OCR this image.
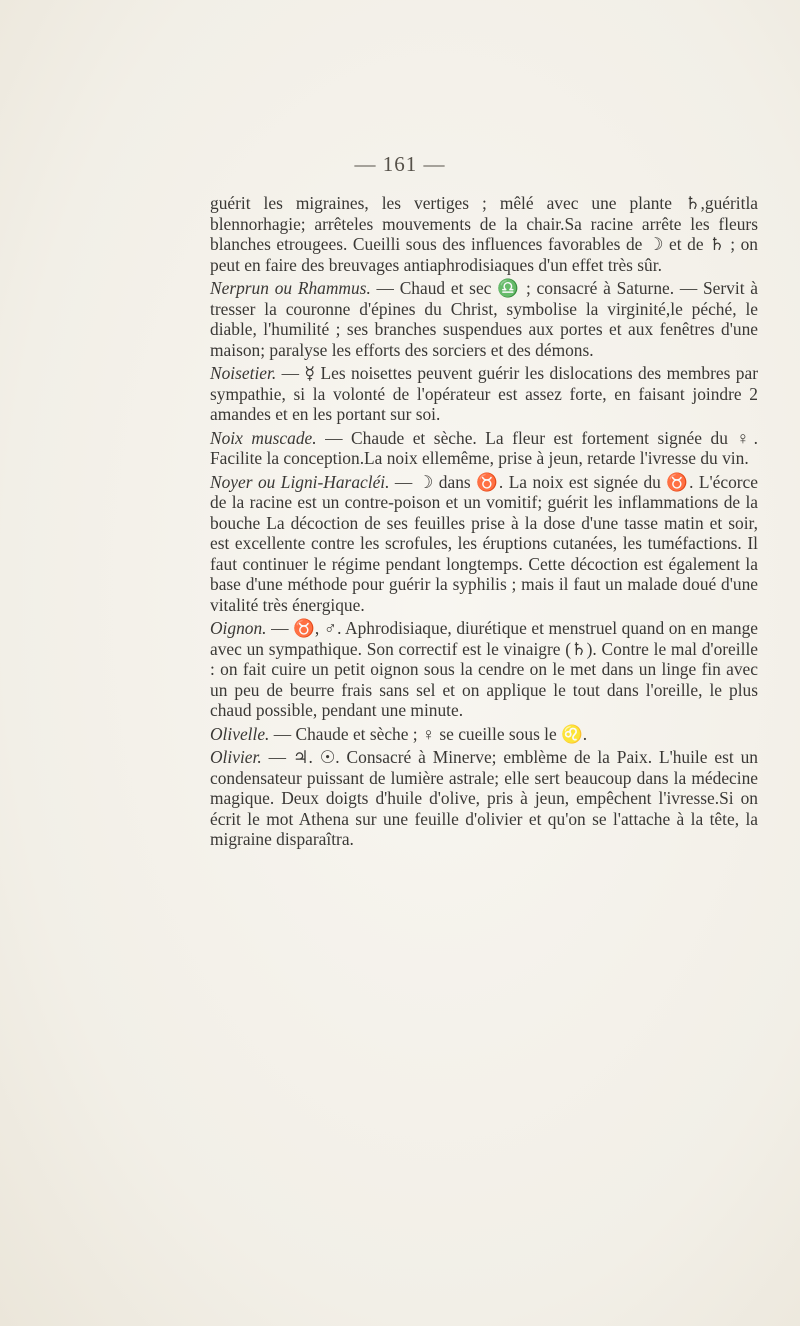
— 161 —

guérit les migraines, les vertiges ; mêlé avec une plante ♄,guéritla blennorhagie; arrêteles mouvements de la chair.Sa racine arrête les fleurs blanches etrougees. Cueilli sous des influences favorables de ☽ et de ♄ ; on peut en faire des breuvages antiaphrodisiaques d'un effet très sûr.

Nerprun ou Rhammus. — Chaud et sec ♎ ; consacré à Saturne. — Servit à tresser la couronne d'épines du Christ, symbolise la virginité,le péché, le diable, l'humilité ; ses branches suspendues aux portes et aux fenêtres d'une maison; paralyse les efforts des sorciers et des démons.

Noisetier. — ☿ Les noisettes peuvent guérir les dislocations des membres par sympathie, si la volonté de l'opérateur est assez forte, en faisant joindre 2 amandes et en les portant sur soi.

Noix muscade. — Chaude et sèche. La fleur est fortement signée du ♀. Facilite la conception.La noix ellemême, prise à jeun, retarde l'ivresse du vin.

Noyer ou Ligni-Haracléi. — ☽ dans ♉. La noix est signée du ♉. L'écorce de la racine est un contre-poison et un vomitif; guérit les inflammations de la bouche La décoction de ses feuilles prise à la dose d'une tasse matin et soir, est excellente contre les scrofules, les éruptions cutanées, les tuméfactions. Il faut continuer le régime pendant longtemps. Cette décoction est également la base d'une méthode pour guérir la syphilis ; mais il faut un malade doué d'une vitalité très énergique.

Oignon. — ♉, ♂. Aphrodisiaque, diurétique et menstruel quand on en mange avec un sympathique. Son correctif est le vinaigre (♄). Contre le mal d'oreille : on fait cuire un petit oignon sous la cendre on le met dans un linge fin avec un peu de beurre frais sans sel et on applique le tout dans l'oreille, le plus chaud possible, pendant une minute.

Olivelle. — Chaude et sèche ; ♀ se cueille sous le ♌.

Olivier. — ♃. ☉. Consacré à Minerve; emblème de la Paix. L'huile est un condensateur puissant de lumière astrale; elle sert beaucoup dans la médecine magique. Deux doigts d'huile d'olive, pris à jeun, empêchent l'ivresse.Si on écrit le mot Athena sur une feuille d'olivier et qu'on se l'attache à la tête, la migraine disparaîtra.
